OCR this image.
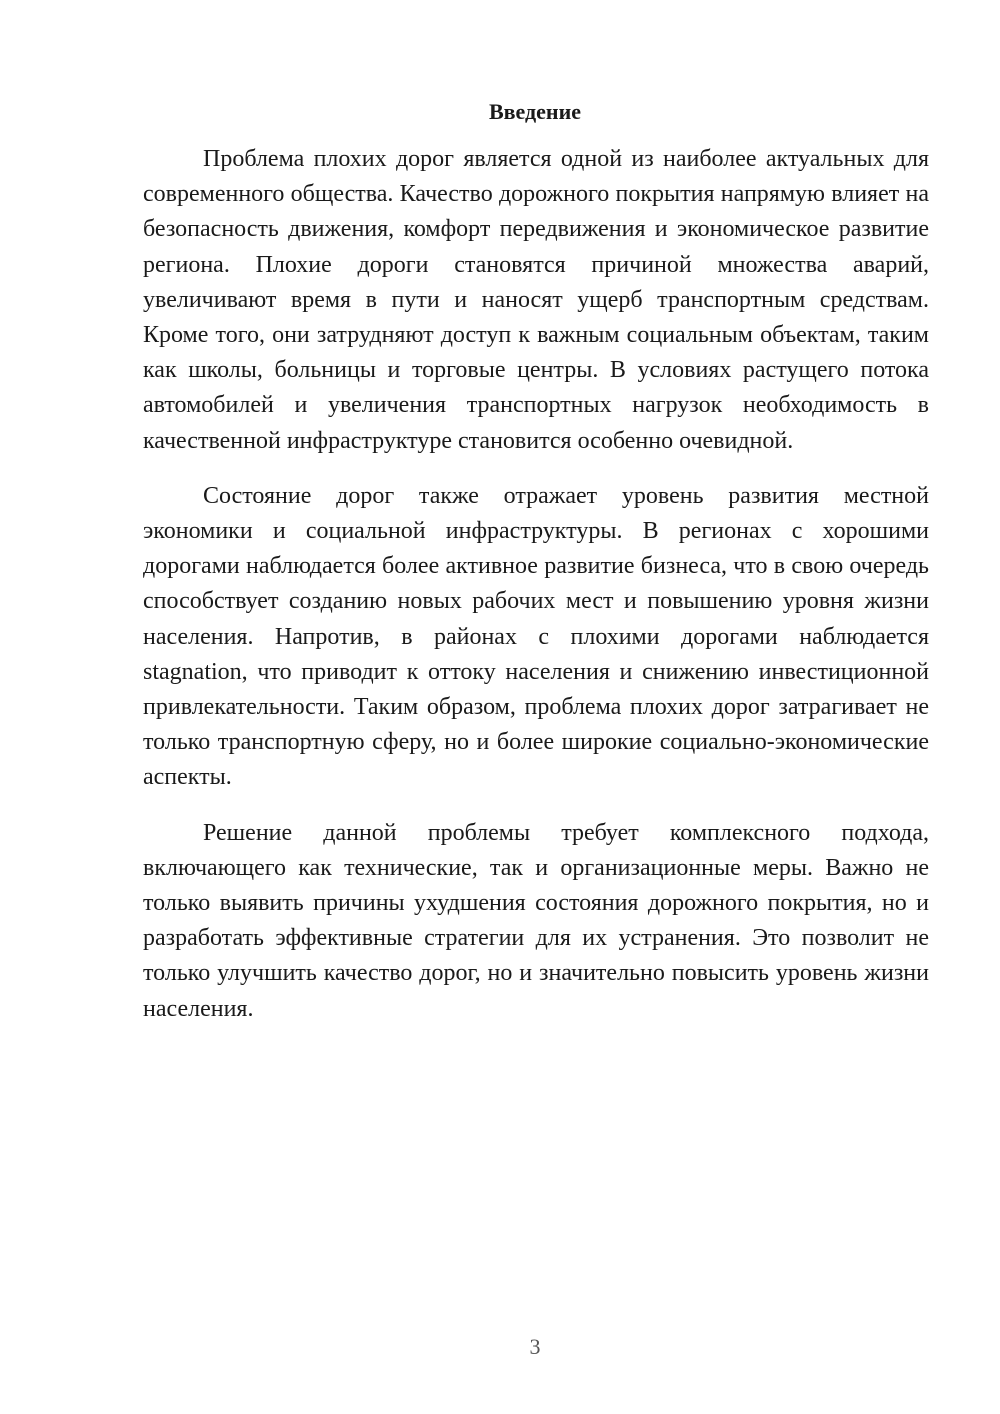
Введение

Проблема плохих дорог является одной из наиболее актуальных для современного общества. Качество дорожного покрытия напрямую влияет на безопасность движения, комфорт передвижения и экономическое развитие региона. Плохие дороги становятся причиной множества аварий, увеличивают время в пути и наносят ущерб транспортным средствам. Кроме того, они затрудняют доступ к важным социальным объектам, таким как школы, больницы и торговые центры. В условиях растущего потока автомобилей и увеличения транспортных нагрузок необходимость в качественной инфраструктуре становится особенно очевидной.

Состояние дорог также отражает уровень развития местной экономики и социальной инфраструктуры. В регионах с хорошими дорогами наблюдается более активное развитие бизнеса, что в свою очередь способствует созданию новых рабочих мест и повышению уровня жизни населения. Напротив, в районах с плохими дорогами наблюдается stagnation, что приводит к оттоку населения и снижению инвестиционной привлекательности. Таким образом, проблема плохих дорог затрагивает не только транспортную сферу, но и более широкие социально-экономические аспекты.

Решение данной проблемы требует комплексного подхода, включающего как технические, так и организационные меры. Важно не только выявить причины ухудшения состояния дорожного покрытия, но и разработать эффективные стратегии для их устранения. Это позволит не только улучшить качество дорог, но и значительно повысить уровень жизни населения.

3
